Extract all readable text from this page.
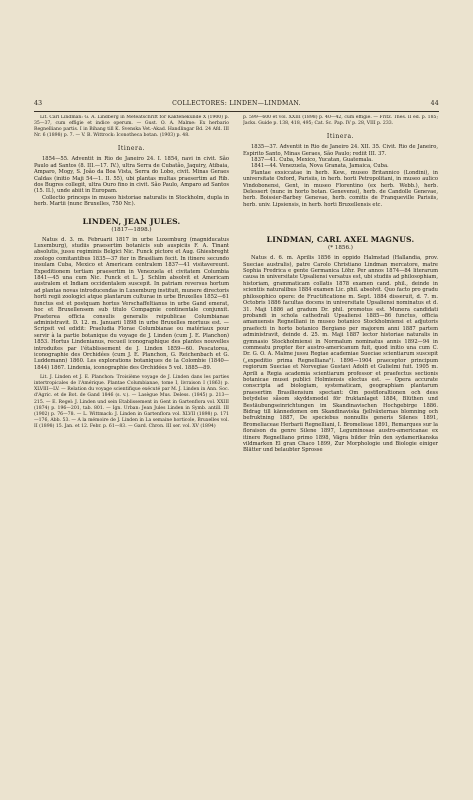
43	COLLECTORES: LINDEN—LINDMAN.	44

Lit. Carl Lindman: G. A. Lindberg in Meteatschrift för Kaktenekunde X (1900) p. 35—37, cum effigie et indice operum. — Gust. O. A. Malme: Ex herbario Regnelliano partis. I in Bihang till K. Svenska Vet.-Akad. Handlingar Bd. 24 Afd. III Nr. 6 (1898) p. 7. — V. B. Wittrock: Iconotheca botan. (1903) p. 48.

Itinera.

1854—55. Adventit in Rio de Janeiro 24. I. 1854, navi in civit. São Paulo ad Santos (8. III.—17. IV.), ultra Serra de Cubatão, Jaquiry, Atibaia, Amparo, Mogy, S. João da Boa Vista, Serra do Lobo, civit. Minas Geraes Caldas (initio Maji 54—1. II. 55), ubi plantas multas praesertim ad Rib. dos Bugres collegit, ultra Ouro fino in civit. São Paulo, Amparo ad Santos (15. II.), unde abiit in Europam.

Collectio princeps in museo historiae naturalis in Stockholm, dupla in herb. Martii (nunc Bruxelles, 750 Nr.).

LINDEN, JEAN JULES.
(1817—1898.)

Natus d. 3. m. Februarii 1817 in urbe Luxemburg (magniducatus Luxemburg), studiis praesertim botanicis sub auspiciis F. A. Tinant absolutis, jussu regiminis Belgici Nic. Funck pictore et Aug. Ghiesbreght zoologo comitantibus 1835—37 iter in Brasiliam fecit. In itinere secundo insulam Cuba, Mexico et Americam centralem 1837—41 visitavereunt. Expeditionem tertiam praesertim in Venezuela et civitatem Columbia 1841—45 una cum Nic. Funck et L. J. Schlim absolvit et Americam australem et Indiam occidentalem suscepit. In patriam reversus hortum ad plantas novas introducendas in Luxemburg instituit, munere directoris horti regii zoologici atque plantarum culturae in urbe Bruxelles 1852—61 functus est et postquam hortus Verschaffeltianus in urbe Gand emerat, hoc et Bruxellensem sub titulo Compagnie continentale conjunxit. Praeterea officia consulis generalis reipublicae Columbianae administravit. D. 12. m. Januarii 1898 in urbe Bruxelles mortuus est. — Scripsit vel edidit: Praeludia Florae Columbianae ou matériaux pour servir à la partie botanique du voyage de J. Linden (cum J. E. Planchon) 1853. Hortus Lindenianus, recueil iconographique des plantes nouvelles introduites par l'établissement de J. Linden 1859—60. Pescatorea, iconographie des Orchidées (cum J. E. Planchon, G. Reichenbach et G. Luddemann) 1860. Les explorations botaniques de la Colombie (1840—1844) 1867. Lindenia, iconographie des Orchidées 5 vol. 1885—89.

Lit. J. Linden et J. E. Planchon: Troisième voyage de J. Linden dans les parties intertropicales de l'Amérique. Plantae Columbianae, tome I, livraison I (1863) p. XLVIII—LV. — Relation du voyage scientifique exécuté par M. J. Linden in Ann. Soc. d'Agric. et de Bot. de Gand 1846 (s. v.). — Lasègue Mus. Deless. (1845) p. 213—215. — E. Regel: J. Linden und sein Etablissement in Gent in Gartenflora vol. XXIII (1874) p. 196—201, tab. 801. — Ign. Urban: Jean Jules Linden in Symb. antill. III (1902) p. 76—78. — L. Wittmack: J. Linden in Gartenflora vol. XLVII (1898) p. 171—176, Abb. 53. — A la mémoire de J. Linden in La semaine horticole, Bruxelles vol. II (1898) 15. Jan. et 12. Febr. p. 61—83. — Gard. Chron. III ser. vol. XV (1894)

p. 599—600 et vol. XXIII (1898) p. 40—42, cum effigie. — Fritz. Thes. II ed. p. 185; Jacks. Guide p. 138, 418, 495; Cat. Sc. Pap. IV p. 28, VIII p. 233.

Itinera.

1835—37. Adventit in Rio de Janeiro 24. XII. 35. Civit. Rio de Janeiro, Espirito Santo, Minas Geraes, São Paulo; rediit III. 37.

1837—41. Cuba, Mexico, Yucatan, Guatemala.

1841—44. Venezuela, Nova Granata, Jamaica, Cuba.

Plantae exsiccatae in herb. Kew., museo Britannico (Londini), in universitate Oxford, Parisiis, in herb. horti Petropolitani, in museo aulico Vindobonensi, Gent, in museo Florentino (ex herb. Webb.), herb. Delessert (nunc in horto botan. Genevensi), herb. de Candolle Genevae, herb. Boissier-Barbey Genevae, herb. comitis de Franqueville Parisiis, herb. univ. Lipsiensis, in herb. horti Bruxellensis etc.

LINDMAN, CARL AXEL MAGNUS.
(* 1856.)

Natus d. 6. m. Aprilis 1856 in oppido Halmstad (Hallandia, prov. Sueciae australis), patre Carolo Christiano Lindman mercatore, matre Sophia Fredrica e gente Germanica Löhr. Per annos 1874—84 literarum causa in universitate Upsaliensi versatus est, ubi studiis ad philosophiam, historiam, grammaticam collatis 1878 examen cand. phil., deinde in scientiis naturalibus 1884 examen Lic. phil. absolvit. Quo facto pro gradu philosophico opere: de Fructificatione m. Sept. 1884 disseruit, d. 7. m. Octobris 1886 facultas docens in universitate Upsaliensi nominatus et d. 31. Maji 1886 ad gradum Dr. phil. promotus est. Munera candidati probandi in schola cathedrali Upsaliensi 1885—86 functus, officia amanuensis Regnelliani in museo botanico Stockholmiensi et adjutoris praefecti in horto botanico Bergiano per majorem anni 1887 partem administravit, deinde d. 25. m. Maji 1887 lector historiae naturalis in gymnasio Stockholmiensi in Normalum nominatus annis 1892—94 in commeatu propter iter austro-americanum fuit, quod initio una cum C. Dr. G. O. A. Malme jussu Regiae academiae Sueciae scientiarum suscepit („expeditio prima Regnelliana"). 1896—1904 praeceptor principum regiorum Sueciae et Norvegiae Gustavi Adolfi et Gulielmi fuit. 1905 m. Aprili a Regia academia scientiarum professor et praefectus sectionis botanicae musei publici Holmiensis electus est. — Opera accurate conscripta ad biologiam, systematicam, geographiam plantarum praesertim Brasiliensium spectant: Om postfloraltionen och dess betydelse såsom skyddsmedel för fruktanlaget 1884, Blüthen und Bestäubungseinrichtungen im Skandinavischen Hochgebirge 1886. Bidrag till kännedomen om Skandinaviska fjellväxternas blomning och befruktning 1887, De speciebus nonnullis generis Silenes 1891, Bromeliaceae Herbarii Regnelliani, I. Bromelieae 1891, Remarques sur la floraison du genre Silene 1897, Leguminosae austro-americanae ex itinere Regnelliano primo 1898, Vägra bilder från den sydamerikanska vildmarken El gran Chaco 1899, Zur Morphologie und Biologie einiger Blätter und belaubter Sprosse
